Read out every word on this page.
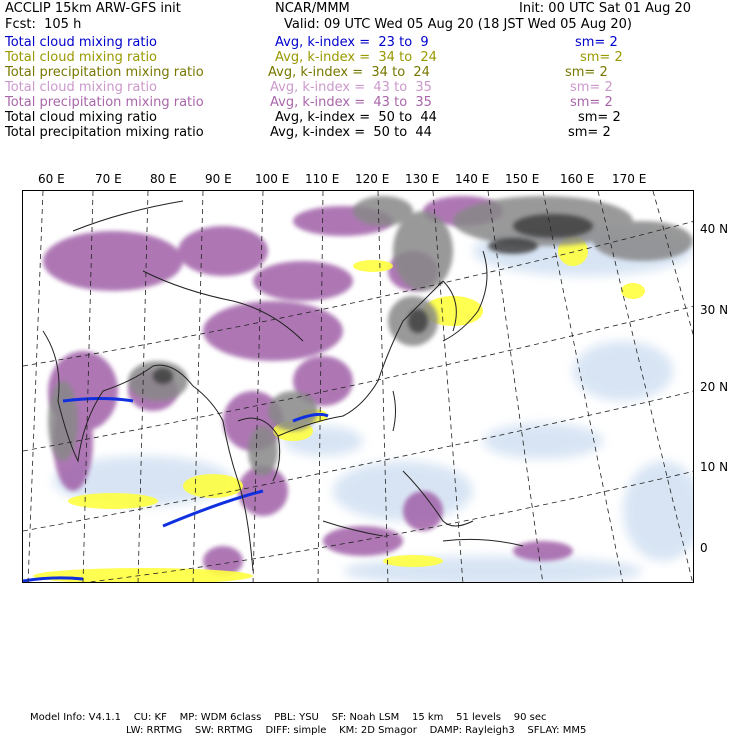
ACCLIP 15km ARW-GFS init	NCAR/MMM	Init: 00 UTC Sat 01 Aug 20
Fcst:  105 h	Valid: 09 UTC Wed 05 Aug 20 (18 JST Wed 05 Aug 20)
Total cloud mixing ratio	Avg, k-index =  23 to  9	sm= 2
Total cloud mixing ratio	Avg, k-index =  34 to  24	sm= 2
Total precipitation mixing ratio	Avg, k-index =  34 to  24	sm= 2
Total cloud mixing ratio	Avg, k-index =  43 to  35	sm= 2
Total precipitation mixing ratio	Avg, k-index =  43 to  35	sm= 2
Total cloud mixing ratio	Avg, k-index =  50 to  44	sm= 2
Total precipitation mixing ratio	Avg, k-index =  50 to  44	sm= 2
60 E	70 E 80 E 90 E 100 E 110 E 120 E 130 E 140 E 150 E 160 E 170 E
40 N
30 N
20 N
10 N
0
Model Info: V4.1.1    CU: KF    MP: WDM 6class    PBL: YSU    SF: Noah LSM    15 km    51 levels    90 sec
LW: RRTMG    SW: RRTMG    DIFF: simple    KM: 2D Smagor    DAMP: Rayleigh3    SFLAY: MM5
